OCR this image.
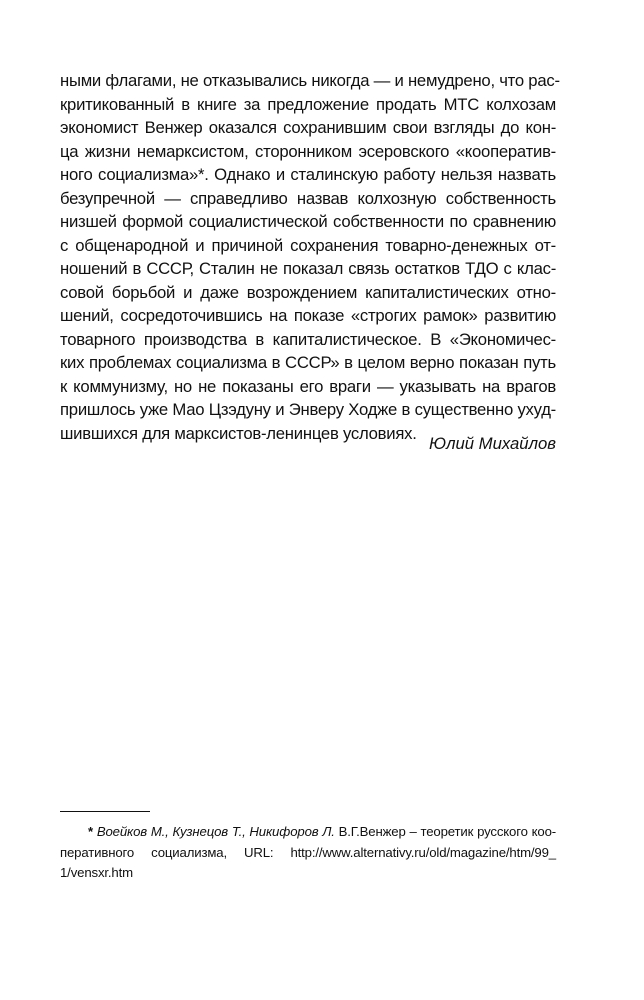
ными флагами, не отказывались никогда — и немудрено, что рас-
критикованный в книге за предложение продать МТС колхозам
экономист Венжер оказался сохранившим свои взгляды до кон-
ца жизни немарксистом, сторонником эсеровского «кооператив-
ного социализма»*. Однако и сталинскую работу нельзя назвать
безупречной — справедливо назвав колхозную собственность
низшей формой социалистической собственности по сравнению
с общенародной и причиной сохранения товарно-денежных от-
ношений в СССР, Сталин не показал связь остатков ТДО с клас-
совой борьбой и даже возрождением капиталистических отно-
шений, сосредоточившись на показе «строгих рамок» развитию
товарного производства в капиталистическое. В «Экономичес-
ких проблемах социализма в СССР» в целом верно показан путь
к коммунизму, но не показаны его враги — указывать на врагов
пришлось уже Мао Цзэдуну и Энверу Ходже в существенно ухуд-
шившихся для марксистов-ленинцев условиях.
Юлий Михайлов
* Воейков М., Кузнецов Т., Никифоров Л. В.Г.Венжер – теоретик русского коо-
перативного социализма, URL: http://www.alternativy.ru/old/magazine/htm/99_
1/vensxr.htm
